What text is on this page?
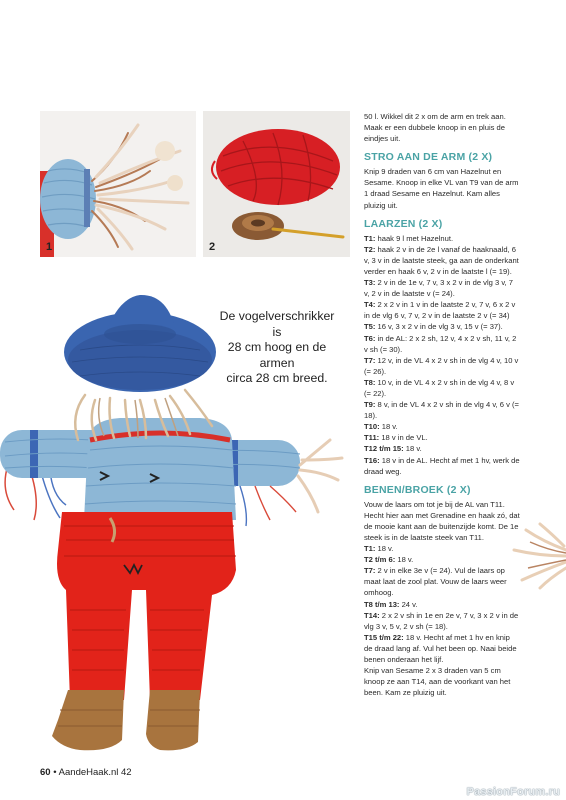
1	2
De vogelverschrikker is
28 cm hoog en de armen
circa 28 cm breed.

50 l. Wikkel dit 2 x om de arm en trek aan. Maak er een dubbele knoop in en pluis de eindjes uit.

STRO AAN DE ARM (2 X)

Knip 9 draden van 6 cm van Hazelnut en Sesame. Knoop in elke VL van T9 van de arm 1 draad Sesame en Hazelnut. Kam alles pluizig uit.

LAARZEN (2 X)

T1: haak 9 l met Hazelnut.

T2: haak 2 v in de 2e l vanaf de haaknaald, 6 v, 3 v in de laatste steek, ga aan de onderkant verder en haak 6 v, 2 v in de laatste l (= 19).

T3: 2 v in de 1e v, 7 v, 3 x 2 v in de vlg 3 v, 7 v, 2 v in de laatste v (= 24).

T4: 2 x 2 v in 1 v in de laatste 2 v, 7 v, 6 x 2 v in de vlg 6 v, 7 v, 2 v in de laatste 2 v (= 34)

T5: 16 v, 3 x 2 v in de vlg 3 v, 15 v (= 37).

T6: in de AL: 2 x 2 sh, 12 v, 4 x 2 v sh, 11 v, 2 v sh (= 30).

T7: 12 v, in de VL 4 x 2 v sh in de vlg 4 v, 10 v (= 26).

T8: 10 v, in de VL 4 x 2 v sh in de vlg 4 v, 8 v (= 22).

T9: 8 v, in de VL 4 x 2 v sh in de vlg 4 v, 6 v (= 18).

T10: 18 v.

T11: 18 v in de VL.

T12 t/m 15: 18 v.

T16: 18 v in de AL. Hecht af met 1 hv, werk de draad weg.

BENEN/BROEK (2 X)

Vouw de laars om tot je bij de AL van T11. Hecht hier aan met Grenadine en haak zó, dat de mooie kant aan de buitenzijde komt. De 1e steek is in de laatste steek van T11.

T1: 18 v.

T2 t/m 6: 18 v.

T7: 2 v in elke 3e v (= 24). Vul de laars op maat laat de zool plat. Vouw de laars weer omhoog.

T8 t/m 13: 24 v.

T14: 2 x 2 v sh in 1e en 2e v, 7 v, 3 x 2 v in de vlg 3 v, 5 v, 2 v sh (= 18).

T15 t/m 22: 18 v. Hecht af met 1 hv en knip de draad lang af. Vul het been op. Naai beide benen onderaan het lijf.

Knip van Sesame 2 x 3 draden van 5 cm knoop ze aan T14, aan de voorkant van het been. Kam ze pluizig uit.

60 • AandeHaak.nl 42
PassionForum.ru
